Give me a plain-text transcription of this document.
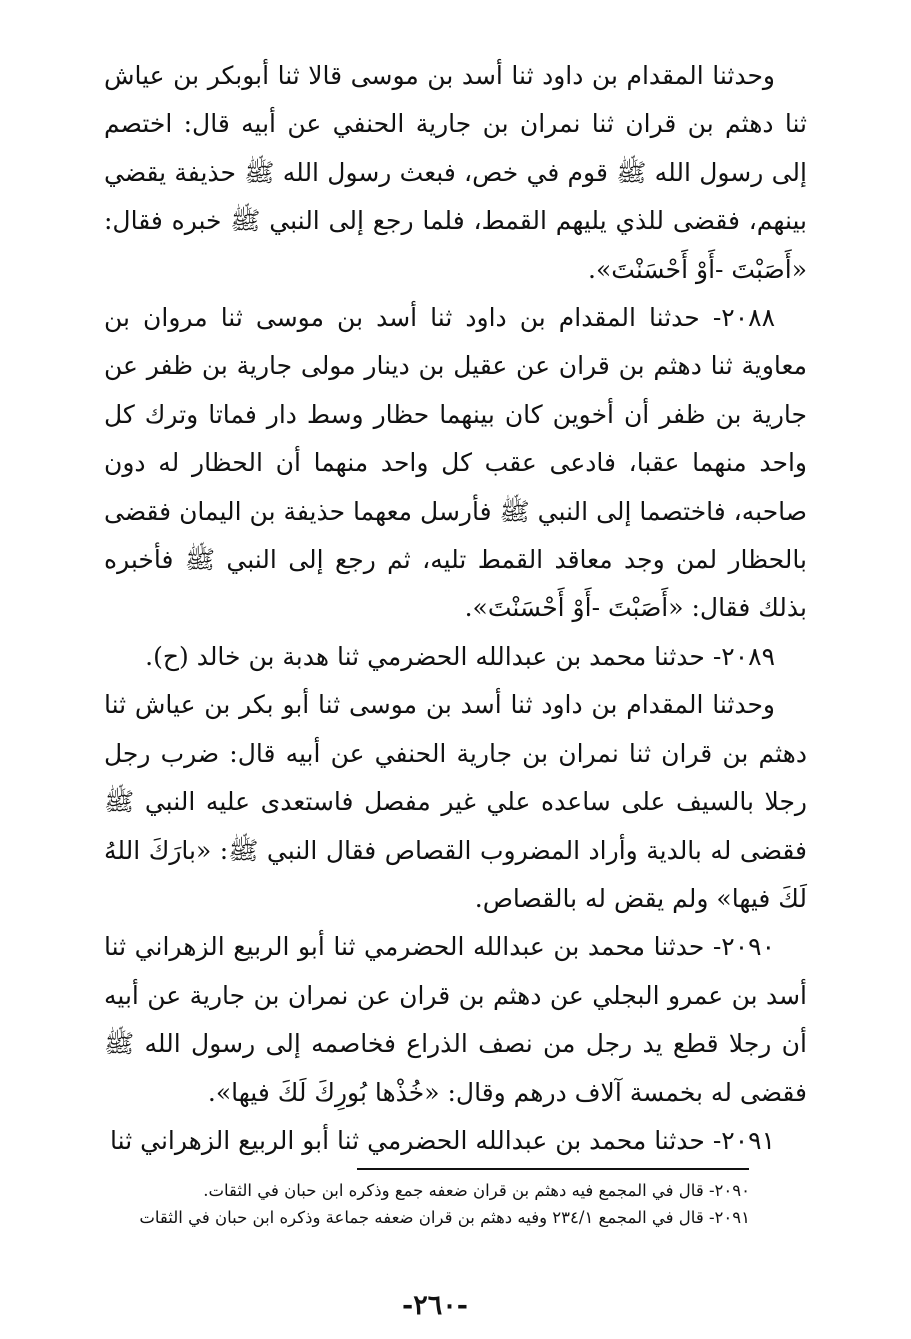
وحدثنا المقدام بن داود ثنا أسد بن موسى قالا ثنا أبوبكر بن عياش ثنا دهثم بن قران ثنا نمران بن جارية الحنفي عن أبيه قال: اختصم إلى رسول الله ﷺ قوم في خص، فبعث رسول الله ﷺ حذيفة يقضي بينهم، فقضى للذي يليهم القمط، فلما رجع إلى النبي ﷺ خبره فقال: «أَصَبْتَ -أَوْ أَحْسَنْتَ».

٢٠٨٨- حدثنا المقدام بن داود ثنا أسد بن موسى ثنا مروان بن معاوية ثنا دهثم بن قران عن عقيل بن دينار مولى جارية بن ظفر عن جارية بن ظفر أن أخوين كان بينهما حظار وسط دار فماتا وترك كل واحد منهما عقبا، فادعى عقب كل واحد منهما أن الحظار له دون صاحبه، فاختصما إلى النبي ﷺ فأرسل معهما حذيفة بن اليمان فقضى بالحظار لمن وجد معاقد القمط تليه، ثم رجع إلى النبي ﷺ فأخبره بذلك فقال: «أَصَبْتَ -أَوْ أَحْسَنْتَ».

٢٠٨٩- حدثنا محمد بن عبدالله الحضرمي ثنا هدبة بن خالد (ح).

وحدثنا المقدام بن داود ثنا أسد بن موسى ثنا أبو بكر بن عياش ثنا دهثم بن قران ثنا نمران بن جارية الحنفي عن أبيه قال: ضرب رجل رجلا بالسيف على ساعده علي غير مفصل فاستعدى عليه النبي ﷺ فقضى له بالدية وأراد المضروب القصاص فقال النبي ﷺ: «بارَكَ اللهُ لَكَ فيها» ولم يقض له بالقصاص.

٢٠٩٠- حدثنا محمد بن عبدالله الحضرمي ثنا أبو الربيع الزهراني ثنا أسد بن عمرو البجلي عن دهثم بن قران عن نمران بن جارية عن أبيه أن رجلا قطع يد رجل من نصف الذراع فخاصمه إلى رسول الله ﷺ فقضى له بخمسة آلاف درهم وقال: «خُذْها بُورِكَ لَكَ فيها».

٢٠٩١- حدثنا محمد بن عبدالله الحضرمي ثنا أبو الربيع الزهراني ثنا

٢٠٩٠- قال في المجمع فيه دهثم بن قران ضعفه جمع وذكره ابن حبان في الثقات.

٢٠٩١- قال في المجمع ٢٣٤/١ وفيه دهثم بن قران ضعفه جماعة وذكره ابن حبان في الثقات

-٢٦٠-
